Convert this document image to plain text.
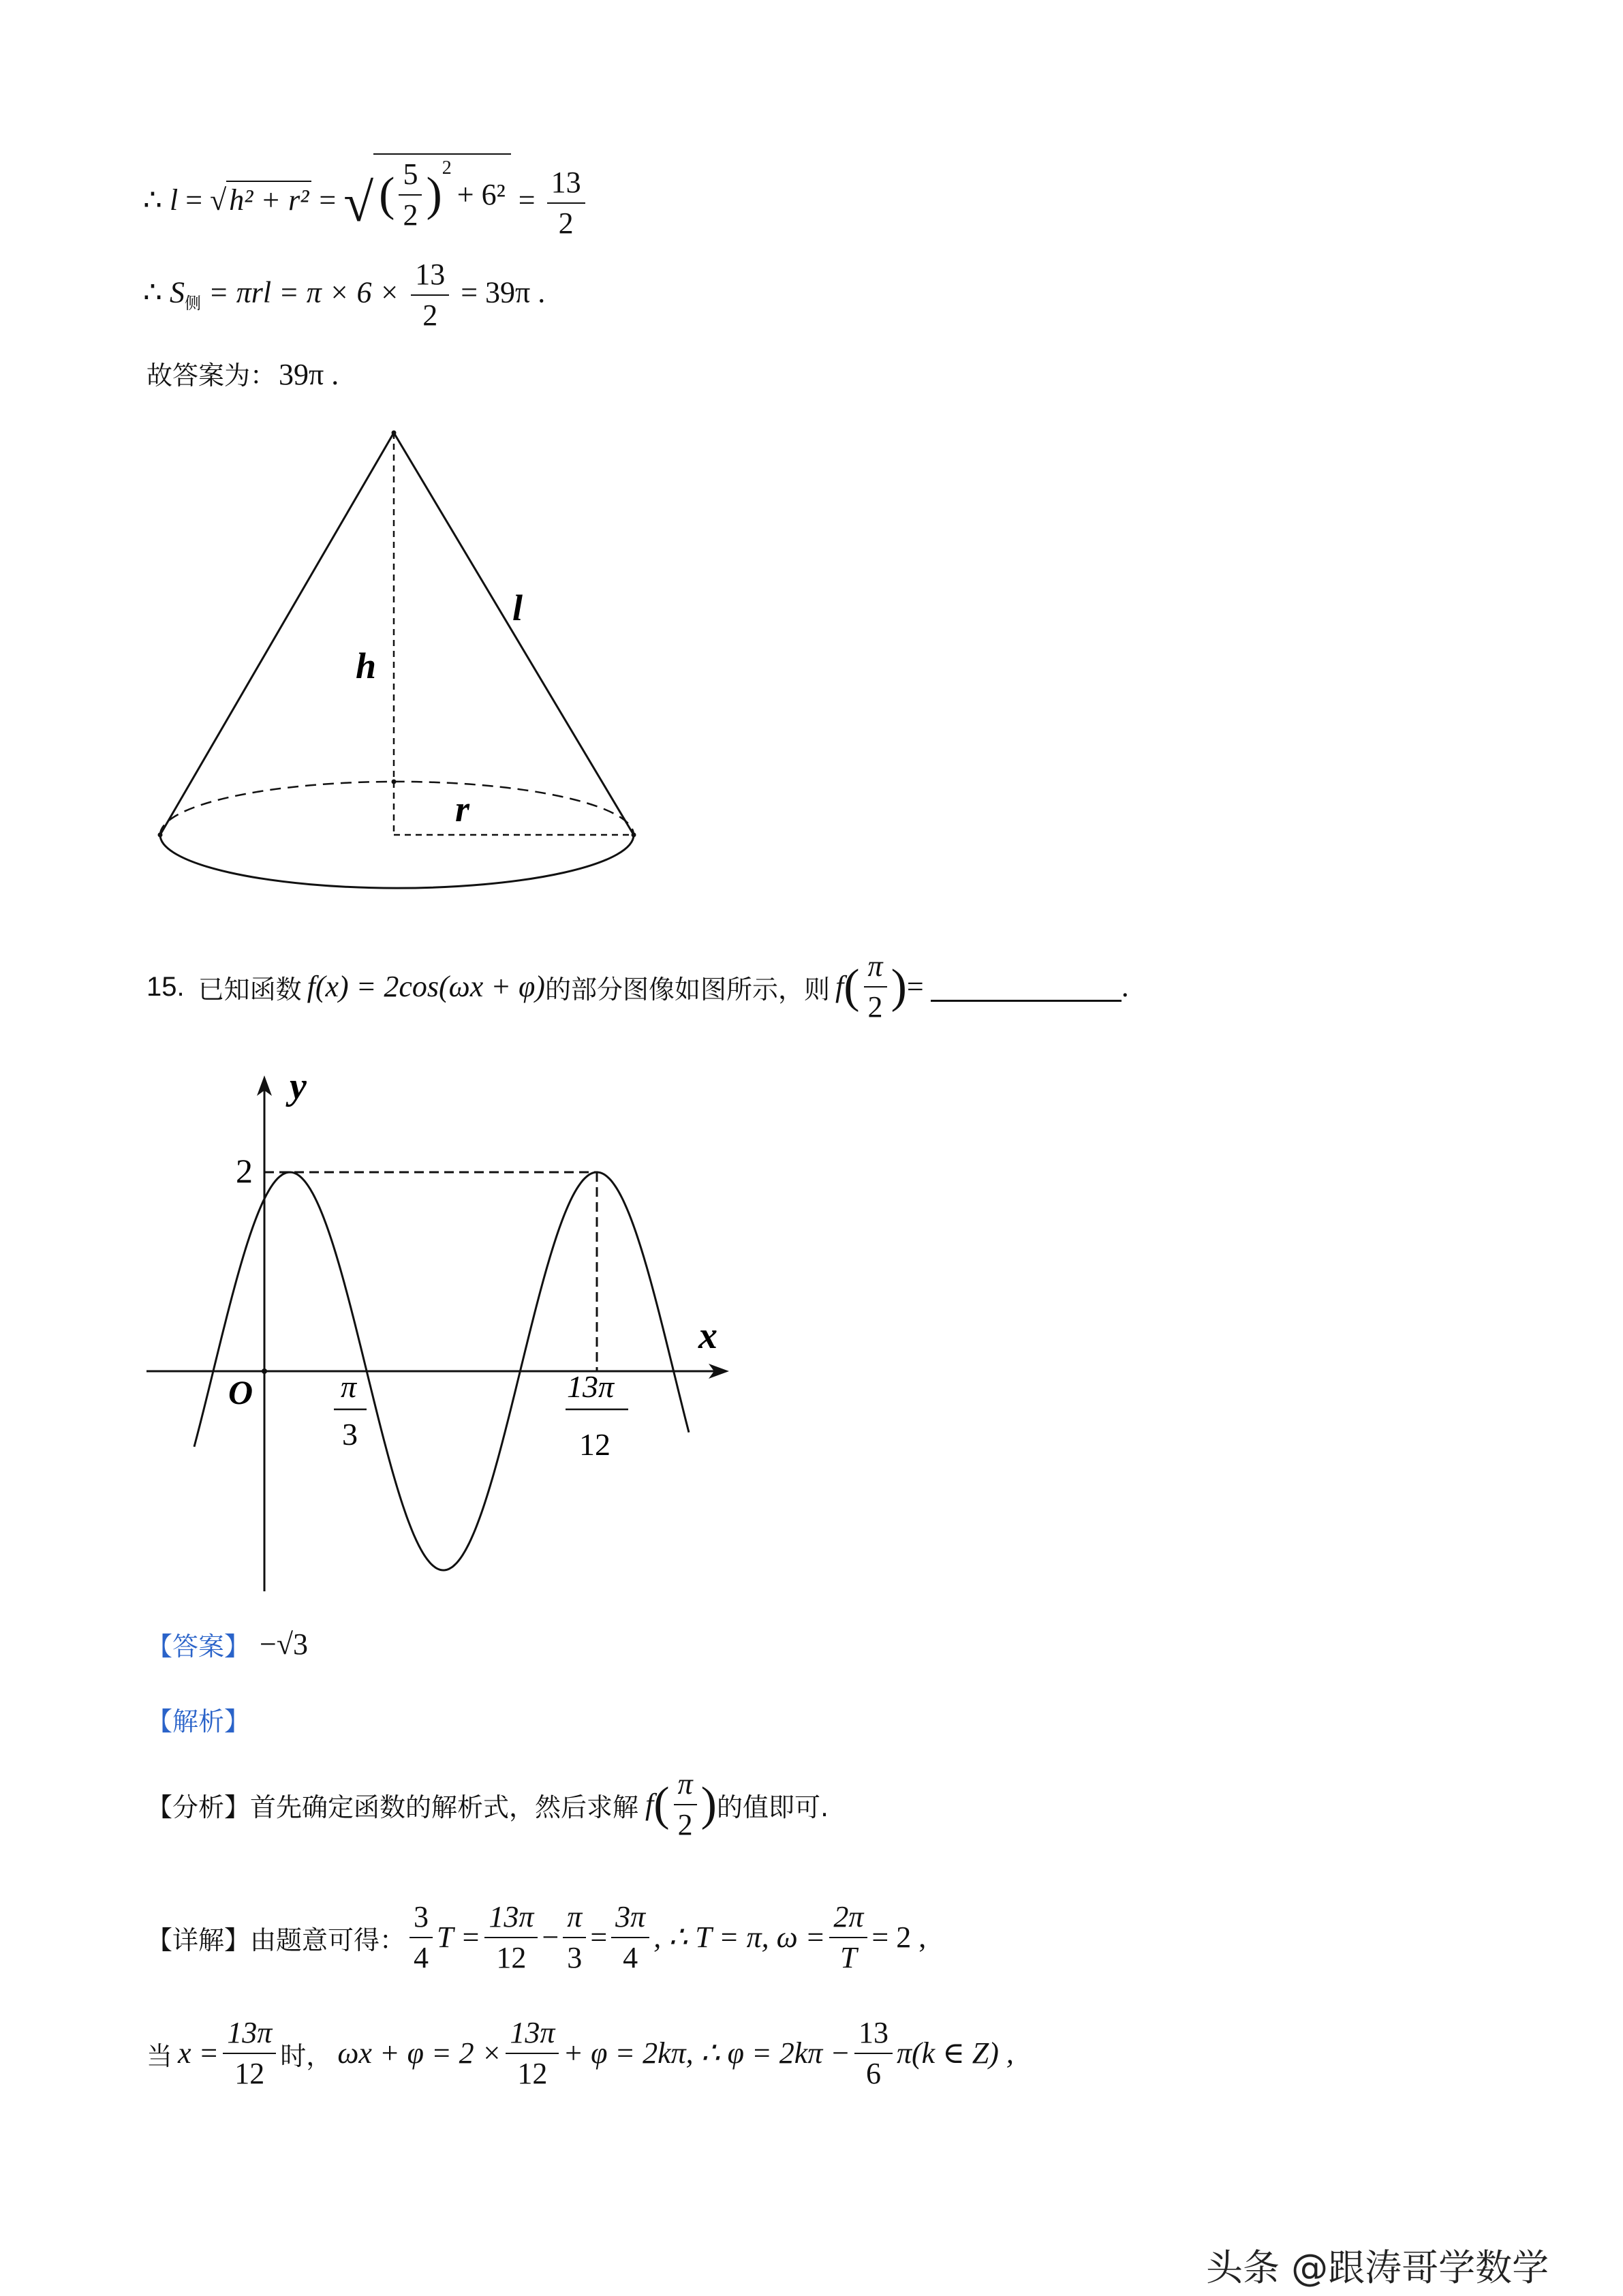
∴ l = √h² + r² = √ ( $\frac{5}{2}$ )
$^2$
+ $6^2 = \frac{13}{2}$
∴ $S_侧 = \pi rl = \pi \times 6 \times \frac{13}{2} = 39\pi$ .
故答案为： 39π .
h
l
r
15. 已知函数 f(x) = 2cos(ωx + φ) 的部分图像如图所示，则 f ( $\frac{\pi}{2}$ ) =	.
y
x
O
2
π
3
13π
12
【答案】 −√3
【解析】
【分析】 首先确定函数的解析式，然后求解 f ( $\frac{\pi}{2}$ ) 的值即可.
【详解】 由题意可得： $\frac{3}{4}$ $T = \frac{13\pi}{12} - \frac{\pi}{3} = \frac{3\pi}{4}$ , ∴ T = π, $\omega = \frac{2\pi}{T} = 2$ ,
当 $x = \frac{13\pi}{12}$ 时， $\omega x + \varphi = 2 \times \frac{13\pi}{12} + \varphi = 2k\pi$, ∴ $\varphi = 2k\pi - \frac{13}{6} \pi(k$ ∈ Z) ,
头条 @跟涛哥学数学
